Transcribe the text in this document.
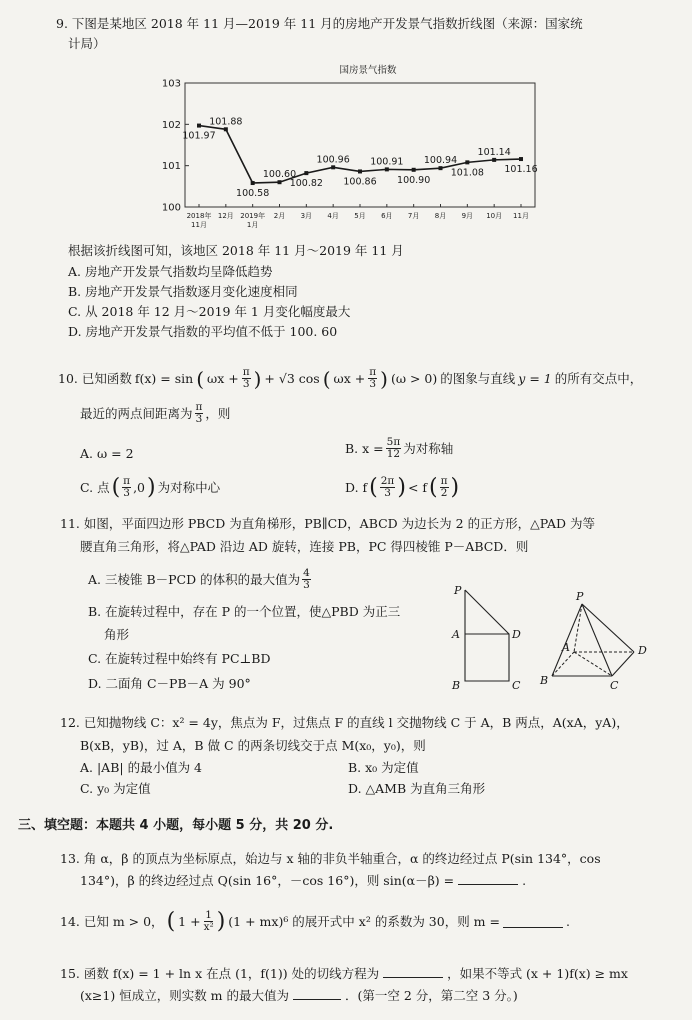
9. 下图是某地区 2018 年 11 月—2019 年 11 月的房地产开发景气指数折线图（来源：国家统
计局）
国房景气指数
100
101
102
103
2018年
11月
12月 2019年
1月
2月 3月 4月 5月 6月 7月 8月 9月 10月 11月
101.97
101.88
100.58
100.60
100.82
100.96
100.86
100.91
100.90
100.94
101.08
101.14
101.16
根据该折线图可知，该地区 2018 年 11 月～2019 年 11 月
A. 房地产开发景气指数均呈降低趋势
B. 房地产开发景气指数逐月变化速度相同
C. 从 2018 年 12 月～2019 年 1 月变化幅度最大
D. 房地产开发景气指数的平均值不低于 100. 60
10. 已知函数 f(x) = sin ( $\omega x + \frac{\pi}{3}$ ) + √3 cos ( $\omega x + \frac{\pi}{3}$ ) (ω > 0) 的图象与直线 y = 1 的所有交点中，
最近的两点间距离为 π
3 ，则
A. ω = 2	B. $x = \frac{5\pi}{12}$ 为对称轴
C. 点 ( π
3 ,0 ) 为对称中心	D. f ( 2π
3 ) < f ( π
2 )
11. 如图，平面四边形 PBCD 为直角梯形，PB∥CD，ABCD 为边长为 2 的正方形，△PAD 为等
腰直角三角形，将△PAD 沿边 AD 旋转，连接 PB，PC 得四棱锥 P－ABCD．则
A. 三棱锥 B－PCD 的体积的最大值为 4
3
B. 在旋转过程中，存在 P 的一个位置，使△PBD 为正三
角形
C. 在旋转过程中始终有 PC⊥BD
D. 二面角 C－PB－A 为 90°
P
A	D
B	C
P
A	D
B	C
12. 已知抛物线 C：x² = 4y，焦点为 F，过焦点 F 的直线 l 交抛物线 C 于 A，B 两点，A(xA，yA)，
B(xB，yB)，过 A，B 做 C 的两条切线交于点 M(x₀，y₀)，则
A. |AB| 的最小值为 4	B. x₀ 为定值
C. y₀ 为定值	D. △AMB 为直角三角形
三、填空题：本题共 4 小题，每小题 5 分，共 20 分.
13. 角 α，β 的顶点为坐标原点，始边与 x 轴的非负半轴重合，α 的终边经过点 P(sin 134°，cos
134°)，β 的终边经过点 Q(sin 16°，－cos 16°)，则 sin(α－β) =	.
14. 已知 m > 0， ( $1 + \frac{1}{\text{x²}}$ ) (1 + mx)⁶ 的展开式中 x² 的系数为 30，则 m =	.
15. 函数 f(x) = 1 + ln x 在点 (1，f(1)) 处的切线方程为	，如果不等式 (x + 1)f(x) ≥ mx
(x≥1) 恒成立，则实数 m 的最大值为	．(第一空 2 分，第二空 3 分。)
